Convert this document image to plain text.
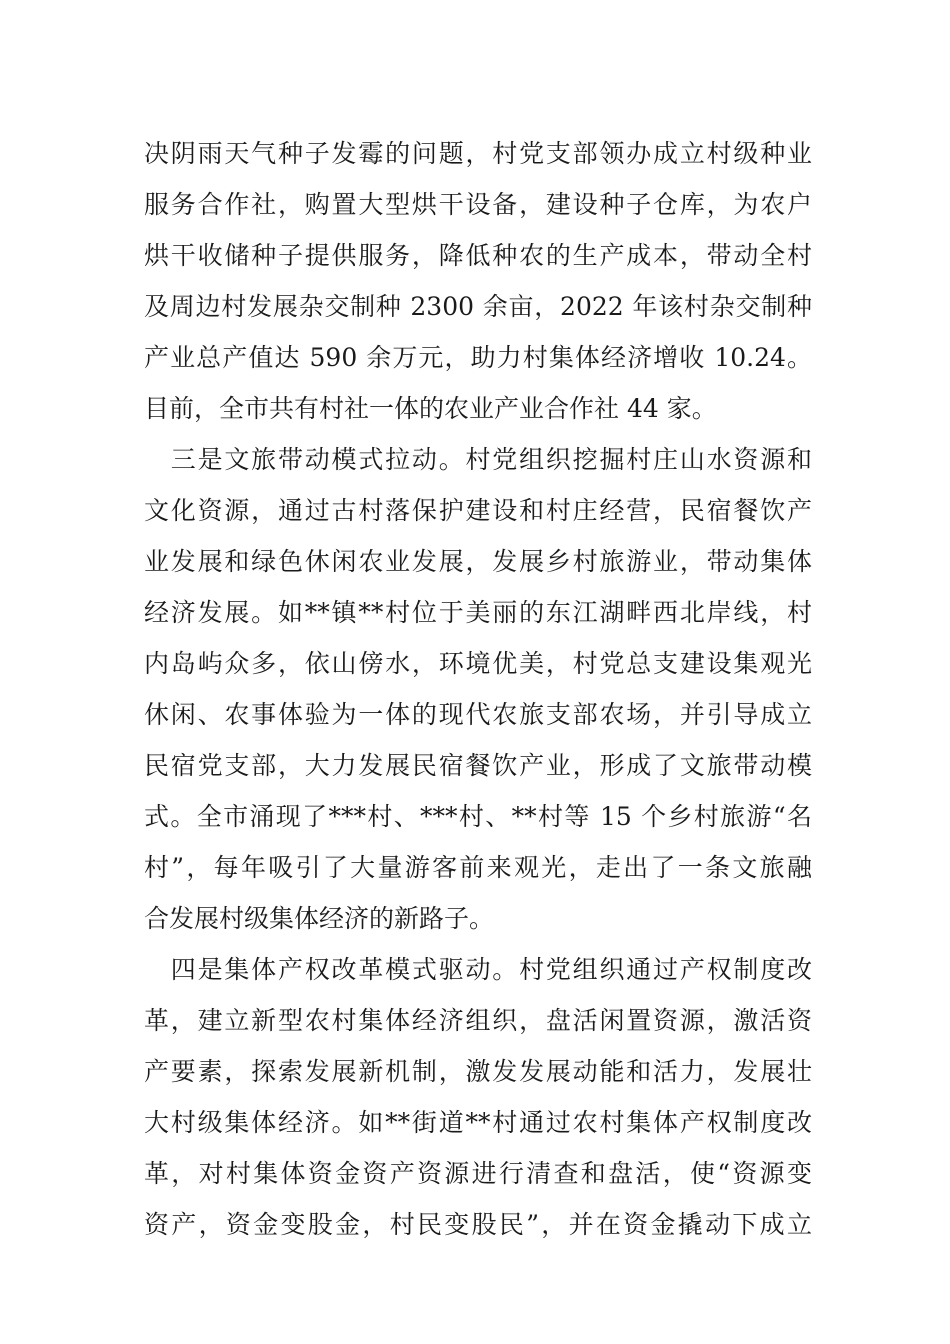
决阴雨天气种子发霉的问题，村党支部领办成立村级种业
服务合作社，购置大型烘干设备，建设种子仓库，为农户
烘干收储种子提供服务，降低种农的生产成本，带动全村
及周边村发展杂交制种 2300 余亩，2022 年该村杂交制种
产业总产值达 590 余万元，助力村集体经济增收 10.24。
目前，全市共有村社一体的农业产业合作社 44 家。
　三是文旅带动模式拉动。村党组织挖掘村庄山水资源和
文化资源，通过古村落保护建设和村庄经营，民宿餐饮产
业发展和绿色休闲农业发展，发展乡村旅游业，带动集体
经济发展。如**镇**村位于美丽的东江湖畔西北岸线，村
内岛屿众多，依山傍水，环境优美，村党总支建设集观光
休闲、农事体验为一体的现代农旅支部农场，并引导成立
民宿党支部，大力发展民宿餐饮产业，形成了文旅带动模
式。全市涌现了***村、***村、**村等 15 个乡村旅游“名
村”，每年吸引了大量游客前来观光，走出了一条文旅融
合发展村级集体经济的新路子。
　四是集体产权改革模式驱动。村党组织通过产权制度改
革，建立新型农村集体经济组织，盘活闲置资源，激活资
产要素，探索发展新机制，激发发展动能和活力，发展壮
大村级集体经济。如**街道**村通过农村集体产权制度改
革，对村集体资金资产资源进行清查和盘活，使“资源变
资产，资金变股金，村民变股民”，并在资金撬动下成立
